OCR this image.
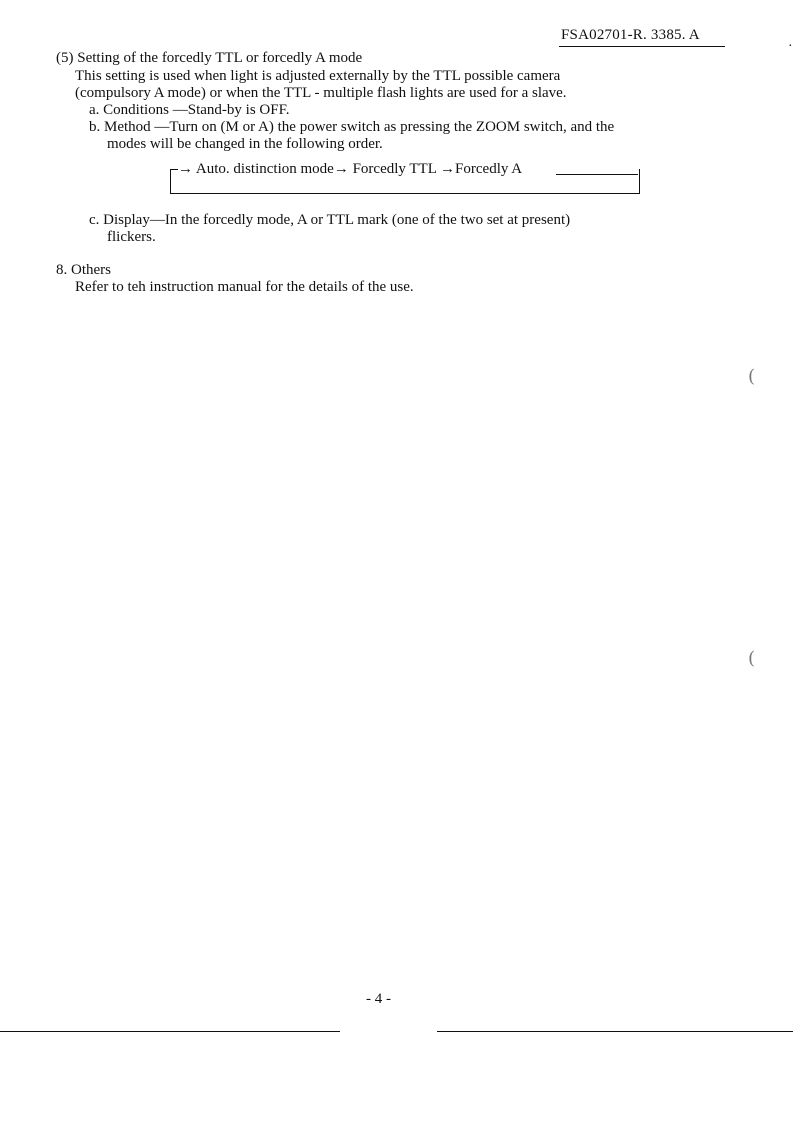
FSA02701-R. 3385. A
·
(5) Setting of the forcedly TTL or forcedly A mode
This setting is used when light is adjusted externally by the TTL possible camera
(compulsory A mode) or when the TTL - multiple flash lights are used for a slave.
a. Conditions —Stand-by is OFF.
b. Method —Turn on (M or A) the power switch as pressing the ZOOM switch, and the
modes will be changed in the following order.
→ Auto. distinction mode→ Forcedly TTL →Forcedly A
c. Display—In the forcedly mode, A or TTL mark (one of the two set at present)
flickers.
8. Others
Refer to teh instruction manual for the details of the use.
(
(
- 4 -
